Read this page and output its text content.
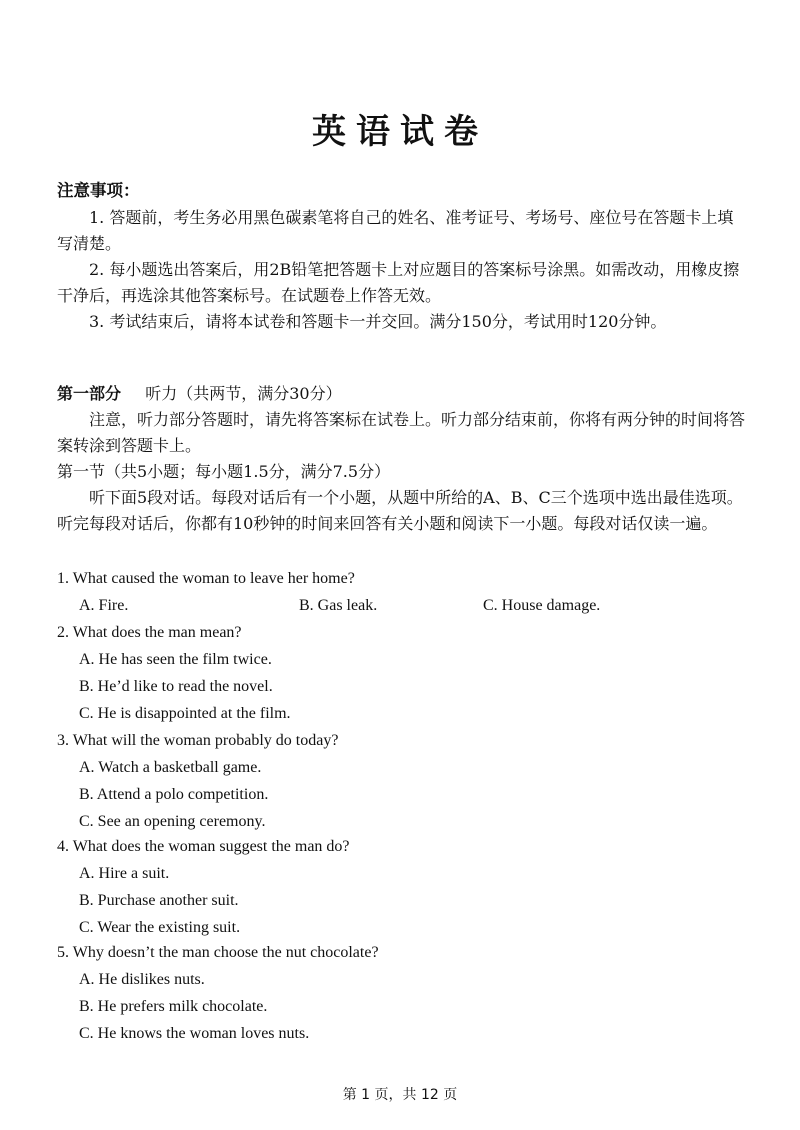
英语试卷
注意事项：

1. 答题前，考生务必用黑色碳素笔将自己的姓名、准考证号、考场号、座位号在答题卡上填写清楚。

2. 每小题选出答案后，用2B铅笔把答题卡上对应题目的答案标号涂黑。如需改动，用橡皮擦干净后，再选涂其他答案标号。在试题卷上作答无效。

3. 考试结束后，请将本试卷和答题卡一并交回。满分150分，考试用时120分钟。

第一部分 听力（共两节，满分30分）

注意，听力部分答题时，请先将答案标在试卷上。听力部分结束前，你将有两分钟的时间将答案转涂到答题卡上。

第一节（共5小题；每小题1.5分，满分7.5分）

听下面5段对话。每段对话后有一个小题，从题中所给的A、B、C三个选项中选出最佳选项。听完每段对话后，你都有10秒钟的时间来回答有关小题和阅读下一小题。每段对话仅读一遍。

1. What caused the woman to leave her home?
A. Fire.	B. Gas leak.	C. House damage.
2. What does the man mean?
A. He has seen the film twice.
B. He’d like to read the novel.
C. He is disappointed at the film.
3. What will the woman probably do today?
A. Watch a basketball game.
B. Attend a polo competition.
C. See an opening ceremony.
4. What does the woman suggest the man do?
A. Hire a suit.
B. Purchase another suit.
C. Wear the existing suit.
5. Why doesn’t the man choose the nut chocolate?
A. He dislikes nuts.
B. He prefers milk chocolate.
C. He knows the woman loves nuts.
第 1 页，共 12 页
